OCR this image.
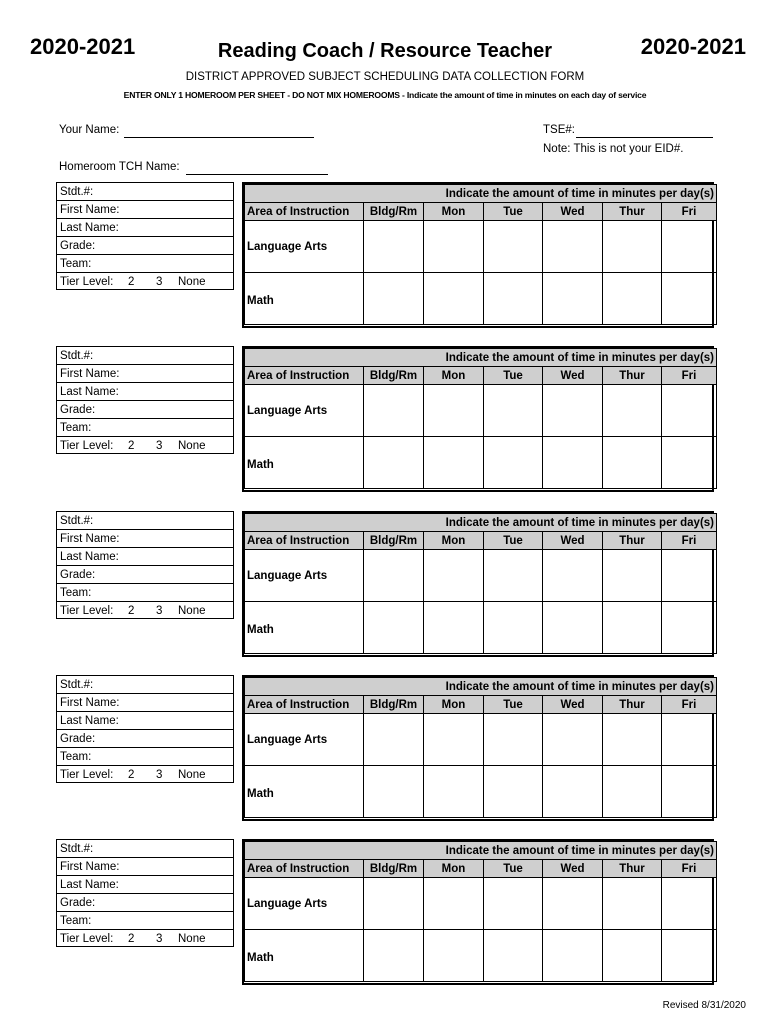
2020-2021	2020-2021
Reading Coach / Resource Teacher
DISTRICT APPROVED SUBJECT SCHEDULING DATA COLLECTION FORM
ENTER ONLY 1 HOMEROOM PER SHEET - DO NOT MIX HOMEROOMS - Indicate the amount of time in minutes on each day of service
Your Name:	TSE#:
Note: This is not your EID#.
Homeroom TCH Name:
Stdt.#:
First Name:
Last Name:
Grade:
Team:
Tier Level: 2 3 None
Indicate the amount of time in minutes per day(s)						
Area of Instruction	Bldg/Rm	Mon	Tue	Wed	Thur	Fri
Language Arts						
Math						
Stdt.#:
First Name:
Last Name:
Grade:
Team:
Tier Level: 2 3 None
Indicate the amount of time in minutes per day(s)						
Area of Instruction	Bldg/Rm	Mon	Tue	Wed	Thur	Fri
Language Arts						
Math						
Stdt.#:
First Name:
Last Name:
Grade:
Team:
Tier Level: 2 3 None
Indicate the amount of time in minutes per day(s)						
Area of Instruction	Bldg/Rm	Mon	Tue	Wed	Thur	Fri
Language Arts						
Math						
Stdt.#:
First Name:
Last Name:
Grade:
Team:
Tier Level: 2 3 None
Indicate the amount of time in minutes per day(s)						
Area of Instruction	Bldg/Rm	Mon	Tue	Wed	Thur	Fri
Language Arts						
Math						
Stdt.#:
First Name:
Last Name:
Grade:
Team:
Tier Level: 2 3 None
Indicate the amount of time in minutes per day(s)						
Area of Instruction	Bldg/Rm	Mon	Tue	Wed	Thur	Fri
Language Arts						
Math						
Revised 8/31/2020
